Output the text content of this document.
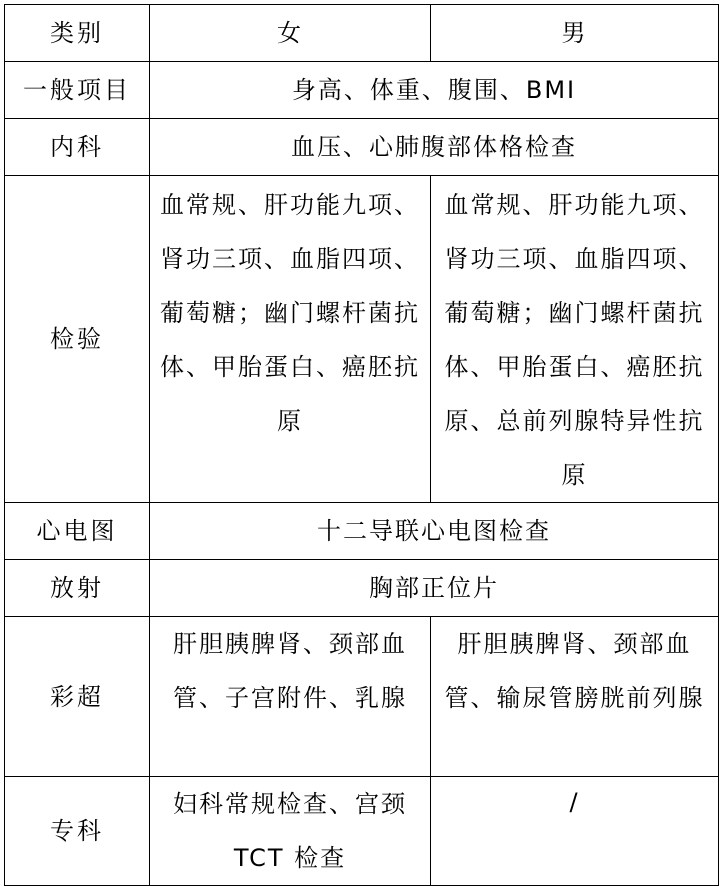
类别	女	男
一般项目	身高、体重、腹围、BMI	
内科	血压、心肺腹部体格检查	
检验	血常规、肝功能九项、肾功三项、血脂四项、葡萄糖；幽门螺杆菌抗体、甲胎蛋白、癌胚抗原	血常规、肝功能九项、肾功三项、血脂四项、葡萄糖；幽门螺杆菌抗体、甲胎蛋白、癌胚抗原、总前列腺特异性抗原
心电图	十二导联心电图检查	
放射	胸部正位片	
彩超	肝胆胰脾肾、颈部血管、子宫附件、乳腺	肝胆胰脾肾、颈部血管、输尿管膀胱前列腺
专科	妇科常规检查、宫颈 TCT 检查	/
